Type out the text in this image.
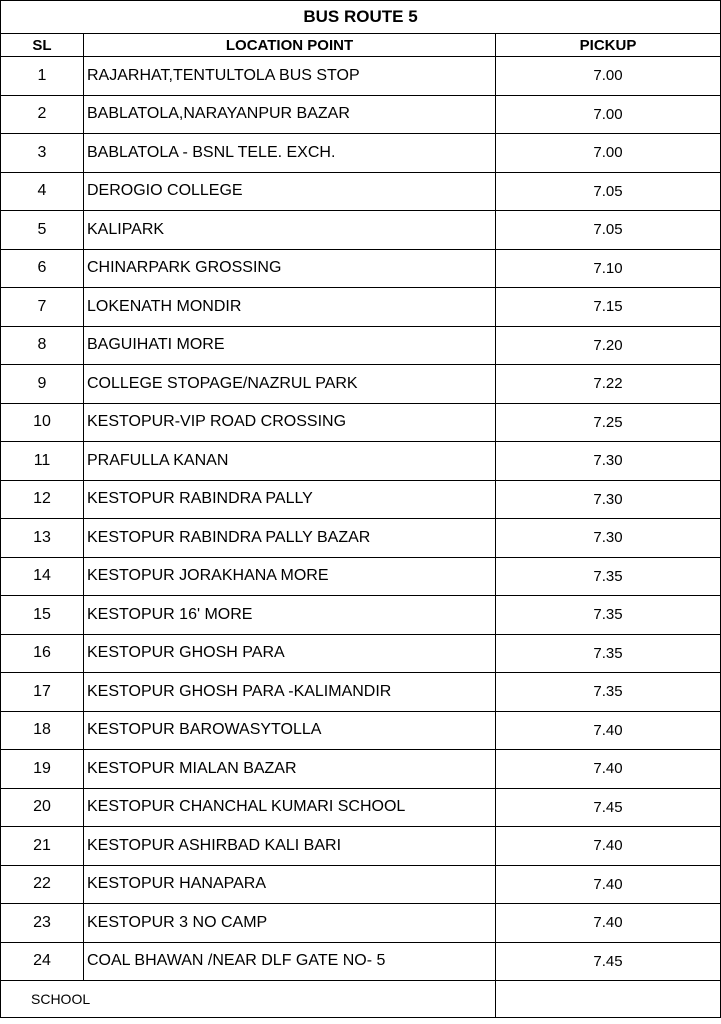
BUS ROUTE 5		
SL	LOCATION POINT	PICKUP
1	RAJARHAT,TENTULTOLA BUS STOP	7.00
2	BABLATOLA,NARAYANPUR BAZAR	7.00
3	BABLATOLA - BSNL TELE. EXCH.	7.00
4	DEROGIO COLLEGE	7.05
5	KALIPARK	7.05
6	CHINARPARK GROSSING	7.10
7	LOKENATH MONDIR	7.15
8	BAGUIHATI MORE	7.20
9	COLLEGE STOPAGE/NAZRUL PARK	7.22
10	KESTOPUR-VIP ROAD CROSSING	7.25
11	PRAFULLA KANAN	7.30
12	KESTOPUR RABINDRA PALLY	7.30
13	KESTOPUR RABINDRA PALLY BAZAR	7.30
14	KESTOPUR JORAKHANA MORE	7.35
15	KESTOPUR 16' MORE	7.35
16	KESTOPUR GHOSH PARA	7.35
17	KESTOPUR GHOSH PARA -KALIMANDIR	7.35
18	KESTOPUR BAROWASYTOLLA	7.40
19	KESTOPUR MIALAN BAZAR	7.40
20	KESTOPUR CHANCHAL KUMARI SCHOOL	7.45
21	KESTOPUR ASHIRBAD KALI BARI	7.40
22	KESTOPUR HANAPARA	7.40
23	KESTOPUR 3 NO CAMP	7.40
24	COAL BHAWAN /NEAR DLF GATE NO- 5	7.45
SCHOOL		
